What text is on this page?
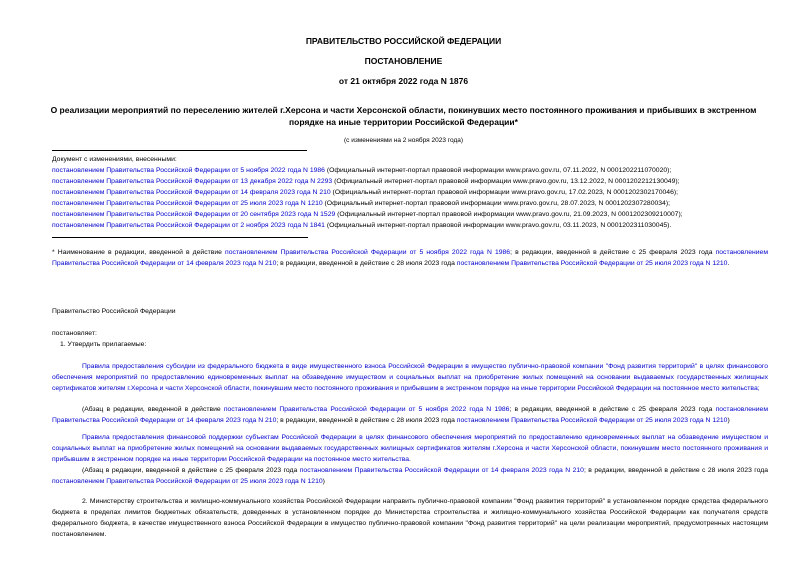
ПРАВИТЕЛЬСТВО РОССИЙСКОЙ ФЕДЕРАЦИИ
ПОСТАНОВЛЕНИЕ
от 21 октября 2022 года N 1876
О реализации мероприятий по переселению жителей г.Херсона и части Херсонской области, покинувших место постоянного проживания и прибывших в экстренном порядке на иные территории Российской Федерации*
(с изменениями на 2 ноября 2023 года)
Документ с изменениями, внесенными:
постановлением Правительства Российской Федерации от 5 ноября 2022 года N 1986 (Официальный интернет-портал правовой информации www.pravo.gov.ru, 07.11.2022, N 0001202211070020);
постановлением Правительства Российской Федерации от 13 декабря 2022 года N 2293 (Официальный интернет-портал правовой информации www.pravo.gov.ru, 13.12.2022, N 0001202212130049);
постановлением Правительства Российской Федерации от 14 февраля 2023 года N 210 (Официальный интернет-портал правовой информации www.pravo.gov.ru, 17.02.2023, N 0001202302170046);
постановлением Правительства Российской Федерации от 25 июля 2023 года N 1210 (Официальный интернет-портал правовой информации www.pravo.gov.ru, 28.07.2023, N 0001202307280034);
постановлением Правительства Российской Федерации от 20 сентября 2023 года N 1529 (Официальный интернет-портал правовой информации www.pravo.gov.ru, 21.09.2023, N 0001202309210007);
постановлением Правительства Российской Федерации от 2 ноября 2023 года N 1841 (Официальный интернет-портал правовой информации www.pravo.gov.ru, 03.11.2023, N 0001202311030045).
* Наименование в редакции, введенной в действие постановлением Правительства Российской Федерации от 5 ноября 2022 года N 1986; в редакции, введенной в действие с 25 февраля 2023 года постановлением Правительства Российской Федерации от 14 февраля 2023 года N 210; в редакции, введенной в действие с 28 июля 2023 года постановлением Правительства Российской Федерации от 25 июля 2023 года N 1210.
Правительство Российской Федерации
постановляет:
1. Утвердить прилагаемые:
Правила предоставления субсидии из федерального бюджета в виде имущественного взноса Российской Федерации в имущество публично-правовой компании "Фонд развития территорий" в целях финансового обеспечения мероприятий по предоставлению единовременных выплат на обзаведение имуществом и социальных выплат на приобретение жилых помещений на основании выдаваемых государственных жилищных сертификатов жителям г.Херсона и части Херсонской области, покинувшим место постоянного проживания и прибывшим в экстренном порядке на иные территории Российской Федерации на постоянное место жительства;
(Абзац в редакции, введенной в действие постановлением Правительства Российской Федерации от 5 ноября 2022 года N 1986; в редакции, введенной в действие с 25 февраля 2023 года постановлением Правительства Российской Федерации от 14 февраля 2023 года N 210; в редакции, введенной в действие с 28 июля 2023 года постановлением Правительства Российской Федерации от 25 июля 2023 года N 1210)
Правила предоставления финансовой поддержки субъектам Российской Федерации в целях финансового обеспечения мероприятий по предоставлению единовременных выплат на обзаведение имуществом и социальных выплат на приобретение жилых помещений на основании выдаваемых государственных жилищных сертификатов жителям г.Херсона и части Херсонской области, покинувшим место постоянного проживания и прибывшим в экстренном порядке на иные территории Российской Федерации на постоянное место жительства.
(Абзац в редакции, введенной в действие с 25 февраля 2023 года постановлением Правительства Российской Федерации от 14 февраля 2023 года N 210; в редакции, введенной в действие с 28 июля 2023 года постановлением Правительства Российской Федерации от 25 июля 2023 года N 1210)
2. Министерству строительства и жилищно-коммунального хозяйства Российской Федерации направить публично-правовой компании "Фонд развития территорий" в установленном порядке средства федерального бюджета в пределах лимитов бюджетных обязательств, доведенных в установленном порядке до Министерства строительства и жилищно-коммунального хозяйства Российской Федерации как получателя средств федерального бюджета, в качестве имущественного взноса Российской Федерации в имущество публично-правовой компании "Фонд развития территорий" на цели реализации мероприятий, предусмотренных настоящим постановлением.
